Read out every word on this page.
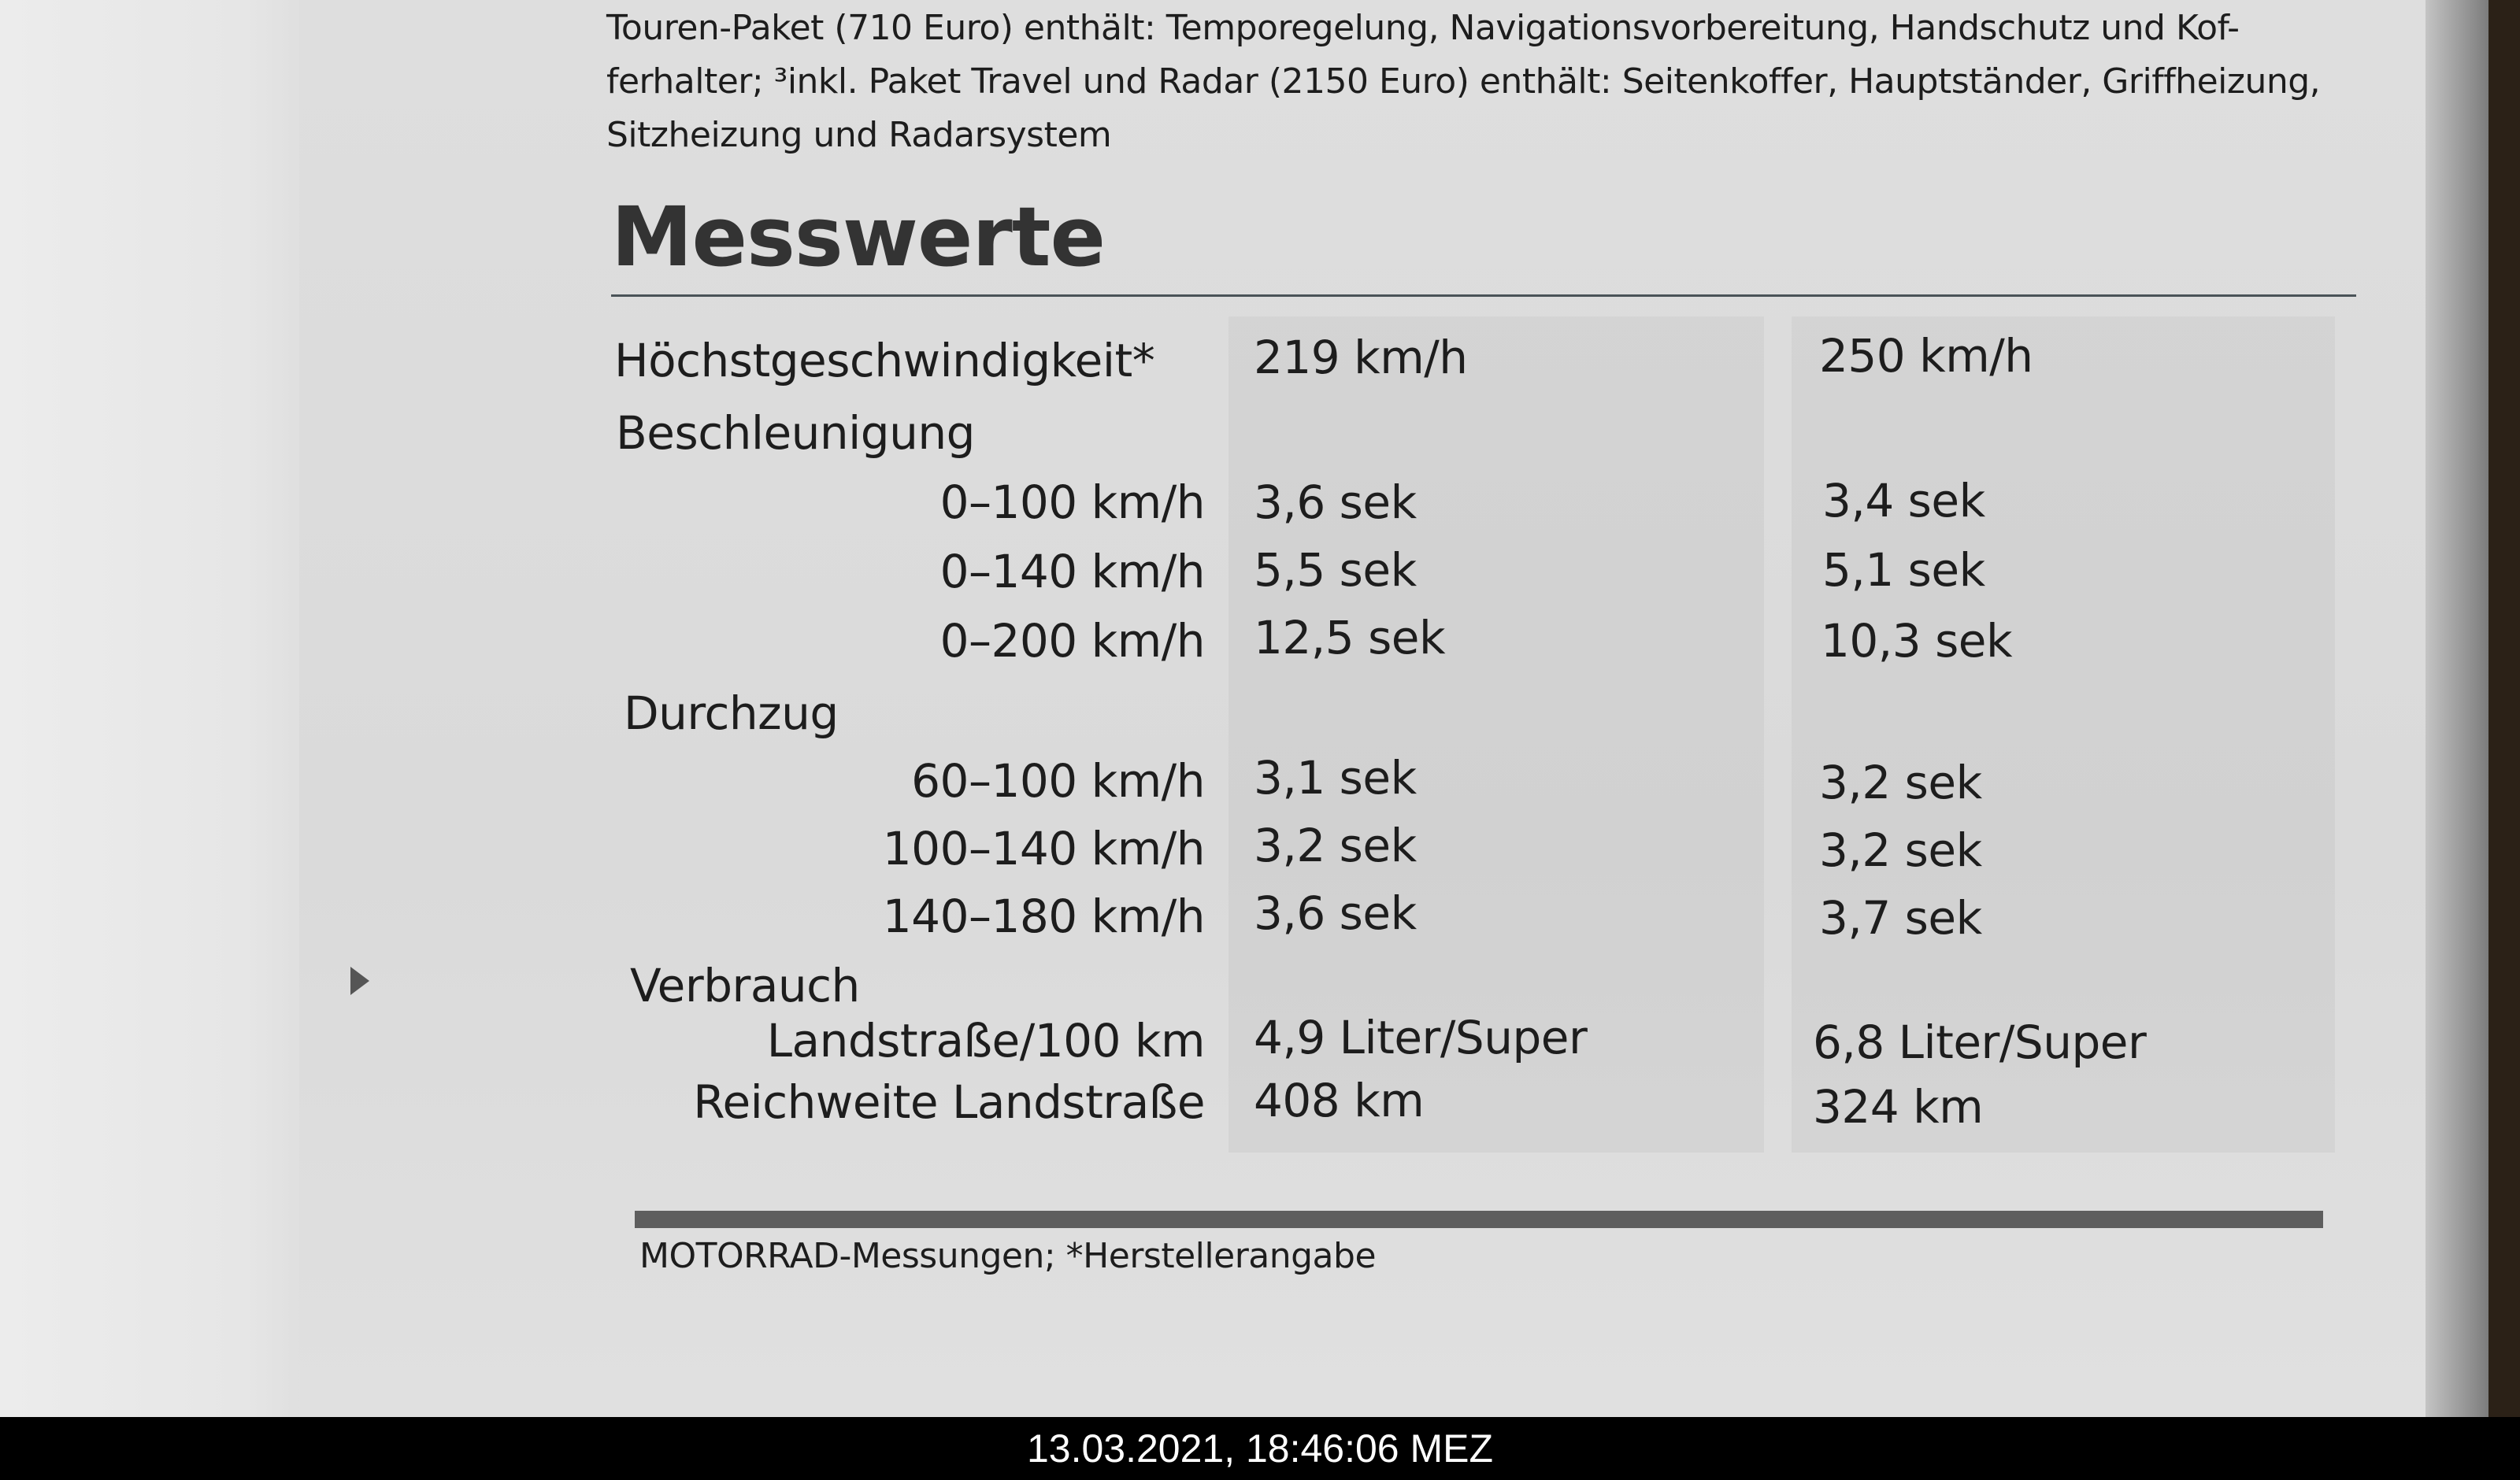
Touren-Paket (710 Euro) enthält: Temporegelung, Navigationsvorbereitung, Handschutz und Kof-
ferhalter; ³inkl. Paket Travel und Radar (2150 Euro) enthält: Seitenkoffer, Hauptständer, Griffheizung,
Sitzheizung und Radarsystem
Messwerte
Höchstgeschwindigkeit* 219 km/h	250 km/h
Beschleunigung
0–100 km/h 3,6 sek	3,4 sek
0–140 km/h 5,5 sek	5,1 sek
0–200 km/h 12,5 sek	10,3 sek
Durchzug
60–100 km/h 3,1 sek	3,2 sek
100–140 km/h 3,2 sek	3,2 sek
140–180 km/h 3,6 sek	3,7 sek
Verbrauch
Landstraße/100 km 4,9 Liter/Super	6,8 Liter/Super
Reichweite Landstraße 408 km	324 km
MOTORRAD-Messungen; *Herstellerangabe
13.03.2021, 18:46:06 MEZ
